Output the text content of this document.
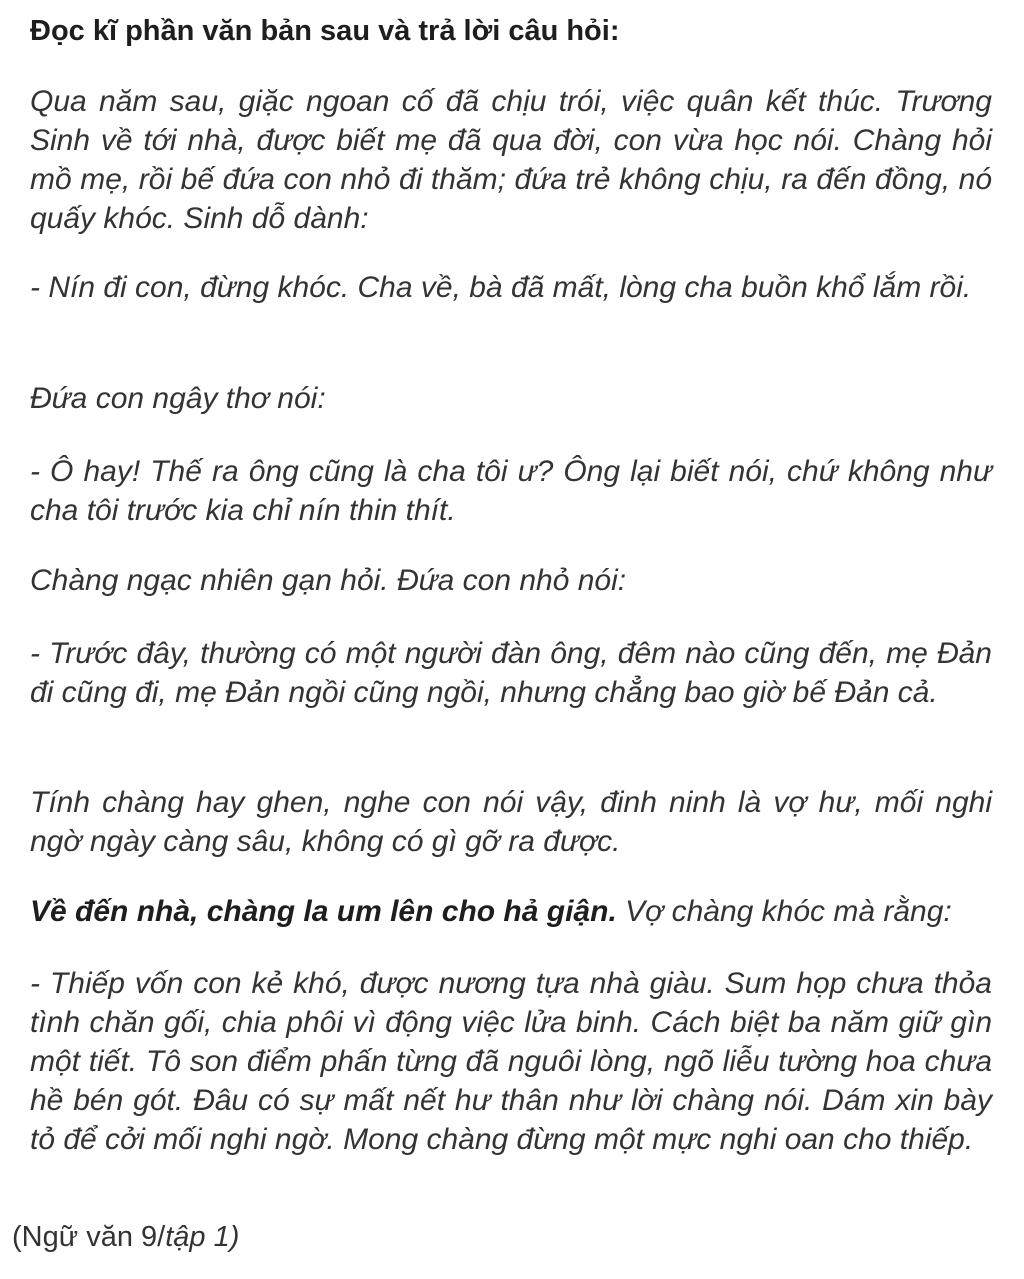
Đọc kĩ phần văn bản sau và trả lời câu hỏi:
Qua năm sau, giặc ngoan cố đã chịu trói, việc quân kết thúc. Trương Sinh về tới nhà, được biết mẹ đã qua đời, con vừa học nói. Chàng hỏi mồ mẹ, rồi bế đứa con nhỏ đi thăm; đứa trẻ không chịu, ra đến đồng, nó quấy khóc. Sinh dỗ dành:
- Nín đi con, đừng khóc. Cha về, bà đã mất, lòng cha buồn khổ lắm rồi.
Đứa con ngây thơ nói:
- Ô hay! Thế ra ông cũng là cha tôi ư? Ông lại biết nói, chứ không như cha tôi trước kia chỉ nín thin thít.
Chàng ngạc nhiên gạn hỏi. Đứa con nhỏ nói:
- Trước đây, thường có một người đàn ông, đêm nào cũng đến, mẹ Đản đi cũng đi, mẹ Đản ngồi cũng ngồi, nhưng chẳng bao giờ bế Đản cả.
Tính chàng hay ghen, nghe con nói vậy, đinh ninh là vợ hư, mối nghi ngờ ngày càng sâu, không có gì gỡ ra được.
Về đến nhà, chàng la um lên cho hả giận. Vợ chàng khóc mà rằng:
- Thiếp vốn con kẻ khó, được nương tựa nhà giàu. Sum họp chưa thỏa tình chăn gối, chia phôi vì động việc lửa binh. Cách biệt ba năm giữ gìn một tiết. Tô son điểm phấn từng đã nguôi lòng, ngõ liễu tường hoa chưa hề bén gót. Đâu có sự mất nết hư thân như lời chàng nói. Dám xin bày tỏ để cởi mối nghi ngờ. Mong chàng đừng một mực nghi oan cho thiếp.
(Ngữ văn 9/tập 1)
